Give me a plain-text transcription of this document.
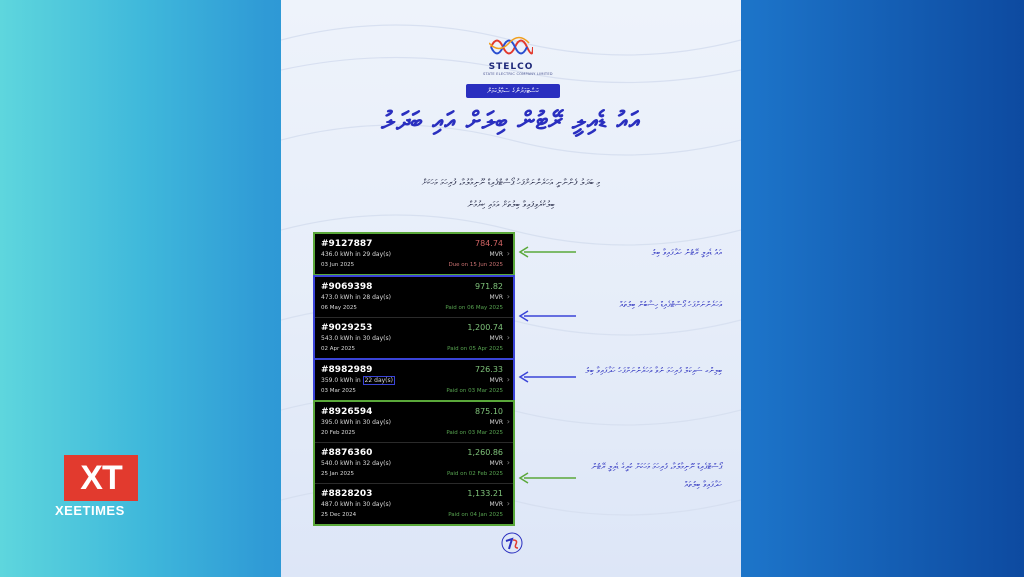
STELCO
STATE ELECTRIC COMPANY LIMITED
ކަސްޓަމަރުންގެ ސަމާލުކަމަށް
އައު ޑެއިލީ ރޭޓުން ބިލަށް އައި ބަދަލު
މި ބަދަލު ފެންނާނީ އަހަރެންނަށްފަހު ޕޯސްޓްޕެއިޑް ނޫނިމާލުމާ، ފުރިހަމަ މަހަކަށް
ބިލުކުރެވިފައިވާ ބިލުތަށް އަޅައި ކިޔުމުން
#9127887	784.74
436.0 kWh in 29 day(s)	MVR ›
03 Jun 2025	Due on 15 Jun 2025
#9069398	971.82
473.0 kWh in 28 day(s)	MVR ›
06 May 2025	Paid on 06 May 2025
#9029253	1,200.74
543.0 kWh in 30 day(s)	MVR ›
02 Apr 2025	Paid on 05 Apr 2025
#8982989	726.33
359.0 kWh in 22 day(s)	MVR ›
03 Mar 2025	Paid on 03 Mar 2025
#8926594	875.10
395.0 kWh in 30 day(s)	MVR ›
20 Feb 2025	Paid on 03 Mar 2025
#8876360	1,260.86
540.0 kWh in 32 day(s)	MVR ›
25 Jan 2025	Paid on 02 Feb 2025
#8828203	1,133.21
487.0 kWh in 30 day(s)	MVR ›
25 Dec 2024	Paid on 04 Jan 2025
އައު ޑެއިލީ ރޭޓުން ހަދާފައިވާ ބިލު
އަހަރެންނަށްފަހު ޕޯސްޓްޕެއިޑް ހިސާބުން ބިލުތައް
ބިލިންގ ސައިކަލް ފުރިހަމަ ނުވާ އަހަރެންނަށްފަހު ހަދާފައިވާ ބިލު
ޕޯސްޓްޕެއިޑް ނޫނިމާލުމާ، ފުރިހަމަ މަހަކަށް ކުރީގެ ޑެއިލީ ރޭޓުން ހަދާފައިވާ ބިލުތައް
XT
XEETIMES
